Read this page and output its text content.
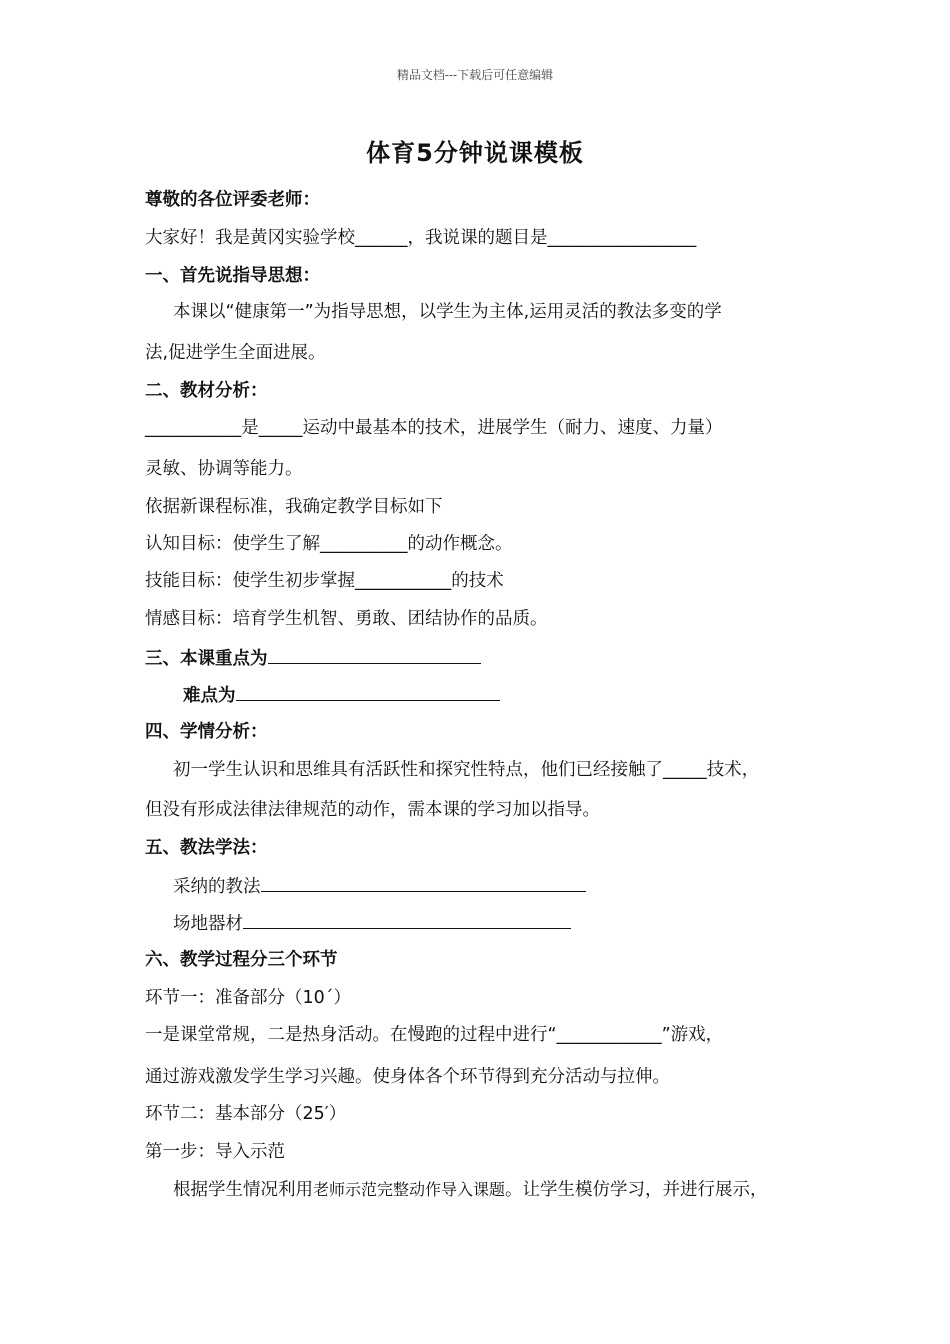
精品文档---下载后可任意编辑
体育5分钟说课模板
尊敬的各位评委老师：
大家好！我是黄冈实验学校______，我说课的题目是_________________
一、首先说指导思想：
本课以“健康第一”为指导思想，以学生为主体,运用灵活的教法多变的学
法,促进学生全面进展。
二、教材分析：
___________是_____运动中最基本的技术，进展学生（耐力、速度、力量）
灵敏、协调等能力。
依据新课程标准，我确定教学目标如下
认知目标：使学生了解__________的动作概念。
技能目标：使学生初步掌握___________的技术
情感目标：培育学生机智、勇敢、团结协作的品质。
三、本课重点为
难点为
四、学情分析：
初一学生认识和思维具有活跃性和探究性特点，他们已经接触了_____技术，
但没有形成法律法律规范的动作，需本课的学习加以指导。
五、教法学法：
采纳的教法
场地器材
六、教学过程分三个环节
环节一：准备部分（10´）
一是课堂常规，二是热身活动。在慢跑的过程中进行“____________”游戏，
通过游戏激发学生学习兴趣。使身体各个环节得到充分活动与拉伸。
环节二：基本部分（25′）
第一步：导入示范
根据学生情况利用老师示范完整动作导入课题。让学生模仿学习，并进行展示，
